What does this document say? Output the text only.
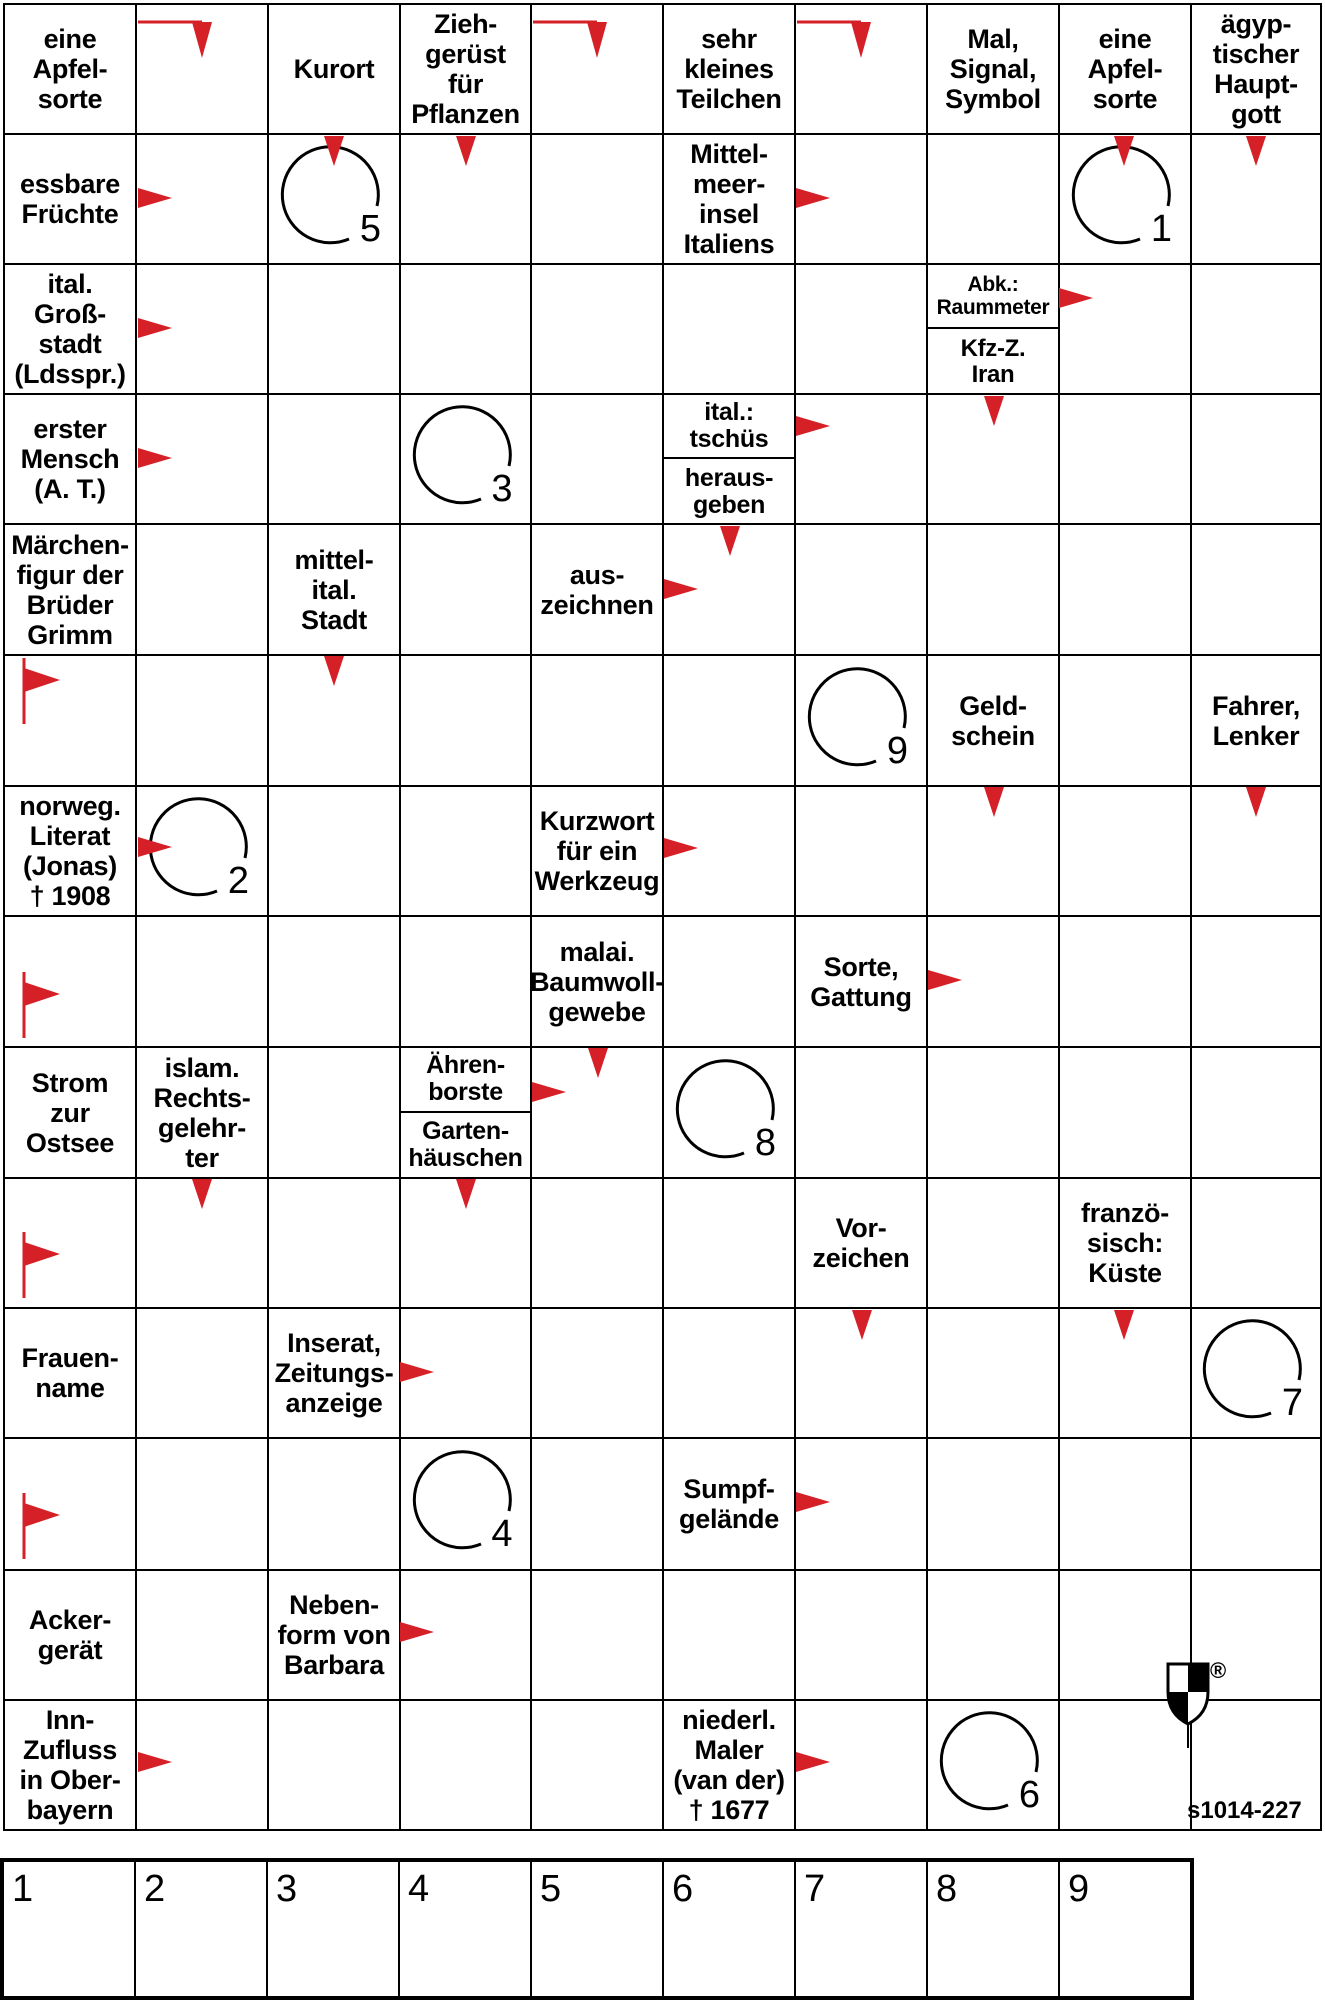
eine
Apfel-
sorte
Kurort
Zieh-
gerüst
für
Pflanzen
sehr
kleines
Teilchen
Mal,
Signal,
Symbol
eine
Apfel-
sorte
ägyp-
tischer
Haupt-
gott
essbare
Früchte
Mittel-
meer-
insel
Italiens
ital.
Groß-
stadt
(Ldsspr.)
Abk.:
Raummeter
Kfz-Z.
Iran
erster
Mensch
(A. T.)
ital.:
tschüs
heraus-
geben
Märchen-
figur der
Brüder
Grimm
mittel-
ital.
Stadt
aus-
zeichnen
Geld-
schein
Fahrer,
Lenker
norweg.
Literat
(Jonas)
† 1908
Kurzwort
für ein
Werkzeug
malai.
Baumwoll-
gewebe
Sorte,
Gattung
Strom
zur
Ostsee
islam.
Rechts-
gelehr-
ter
Ähren-
borste
Garten-
häuschen
Vor-
zeichen
franzö-
sisch:
Küste
Frauen-
name
Inserat,
Zeitungs-
anzeige
Sumpf-
gelände
Acker-
gerät
Neben-
form von
Barbara
Inn-
Zufluss
in Ober-
bayern
niederl.
Maler
(van der)
† 1677
1
2
3
4
5
6
7
8
9
1	2	3	4	5	6	7	8	9
®
s1014-227
